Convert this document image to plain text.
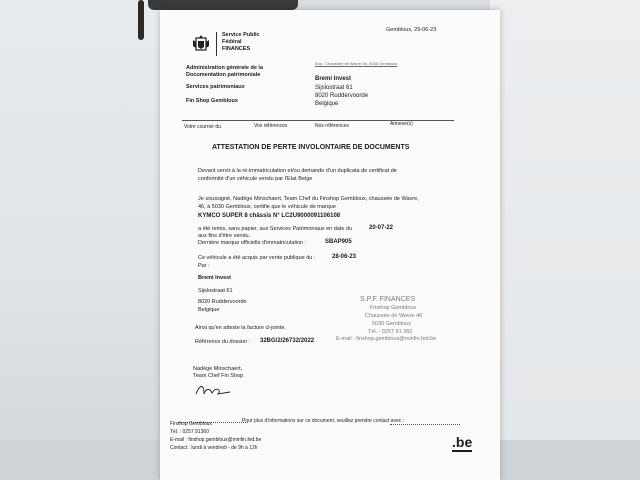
Gembloux, 29-06-23
Service Public
Fédéral
FINANCES
Administration générale de la
Documentation patrimoniale
Services patrimoniaux
Fin Shop Gembloux
Exp.: Chaussée de Wavre 46, 5030 Gembloux
Bremi Invest
Sijslostraat 61
8020 Ruddervoorde
Belgique
Votre courrier du	Vos références	Nos références	Annexe(s)
ATTESTATION DE PERTE INVOLONTAIRE DE DOCUMENTS
Devant servir à la ré-immatriculation et/ou demande d'un duplicata de certificat de
conformité d'un véhicule vendu par l'Etat Belge
Je soussigné, Nadège Minschaert, Team Chef du Finshop Gembloux, chaussée de Wavre,
46, à 5030 Gembloux, certifie que le véhicule de marque
KYMCO SUPER 8 châssis N° LC2U9000091106108
a été remis, sans papier, aux Services Patrimoniaux en date du	20-07-22
aux fins d'être vendu.
Dernière marque officielle d'immatriculation :	SBAP905
Ce véhicule a été acquis par vente publique du :	28-06-23
Par :
Bremi Invest
Sijslostraat 61
8020 Ruddervoorde
Belgique
S.P.F. FINANCES
Finshop Gembloux
Chaussée de Wavre 46
5030 Gembloux
Tél. : 0257 91 360
E-mail : finshop.gembloux@minfin.fed.be
Ainsi qu'en atteste la facture ci-jointe.
Référence du dossier : 32BG/2/26732/2022
Nadège Minschaert,
Team Chef Fin Shop
Pour plus d'informations sur ce document, veuillez prendre contact avec :
Finshop Gembloux
Tél. : 0257 91360
E-mail : finshop.gembloux@minfin.fed.be
Contact : lundi à vendredi - de 9h à 12h	.be
